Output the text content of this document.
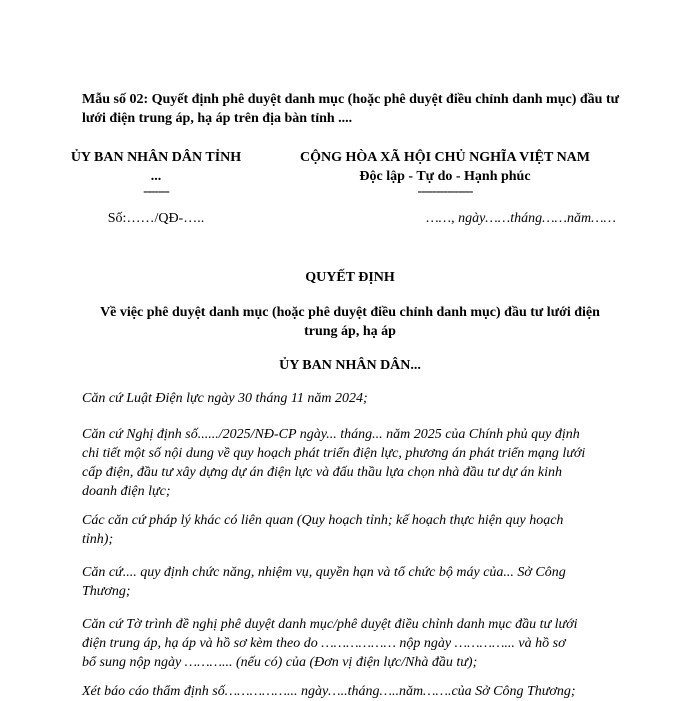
Mẫu số 02: Quyết định phê duyệt danh mục (hoặc phê duyệt điều chỉnh danh mục) đầu tư lưới điện trung áp, hạ áp trên địa bàn tỉnh ....
ỦY BAN NHÂN DÂN TỈNH
...
-------
CỘNG HÒA XÃ HỘI CHỦ NGHĨA VIỆT NAM
Độc lập - Tự do - Hạnh phúc
---------------
Số:……/QĐ-…..	……, ngày……tháng……năm……
QUYẾT ĐỊNH
Về việc phê duyệt danh mục (hoặc phê duyệt điều chỉnh danh mục) đầu tư lưới điện trung áp, hạ áp
ỦY BAN NHÂN DÂN...
Căn cứ Luật Điện lực ngày 30 tháng 11 năm 2024;
Căn cứ Nghị định số....../2025/NĐ-CP ngày... tháng... năm 2025 của Chính phủ quy định
chi tiết một số nội dung về quy hoạch phát triển điện lực, phương án phát triển mạng lưới
cấp điện, đầu tư xây dựng dự án điện lực và đấu thầu lựa chọn nhà đầu tư dự án kinh
doanh điện lực;
Các căn cứ pháp lý khác có liên quan (Quy hoạch tỉnh; kế hoạch thực hiện quy hoạch
tỉnh);
Căn cứ.... quy định chức năng, nhiệm vụ, quyền hạn và tổ chức bộ máy của... Sở Công
Thương;
Căn cứ Tờ trình đề nghị phê duyệt danh mục/phê duyệt điều chỉnh danh mục đầu tư lưới
điện trung áp, hạ áp và hồ sơ kèm theo do ……………… nộp ngày …………... và hồ sơ
bổ sung nộp ngày ………... (nếu có) của (Đơn vị điện lực/Nhà đầu tư);
Xét báo cáo thẩm định số……………... ngày…..tháng…..năm…….của Sở Công Thương;
